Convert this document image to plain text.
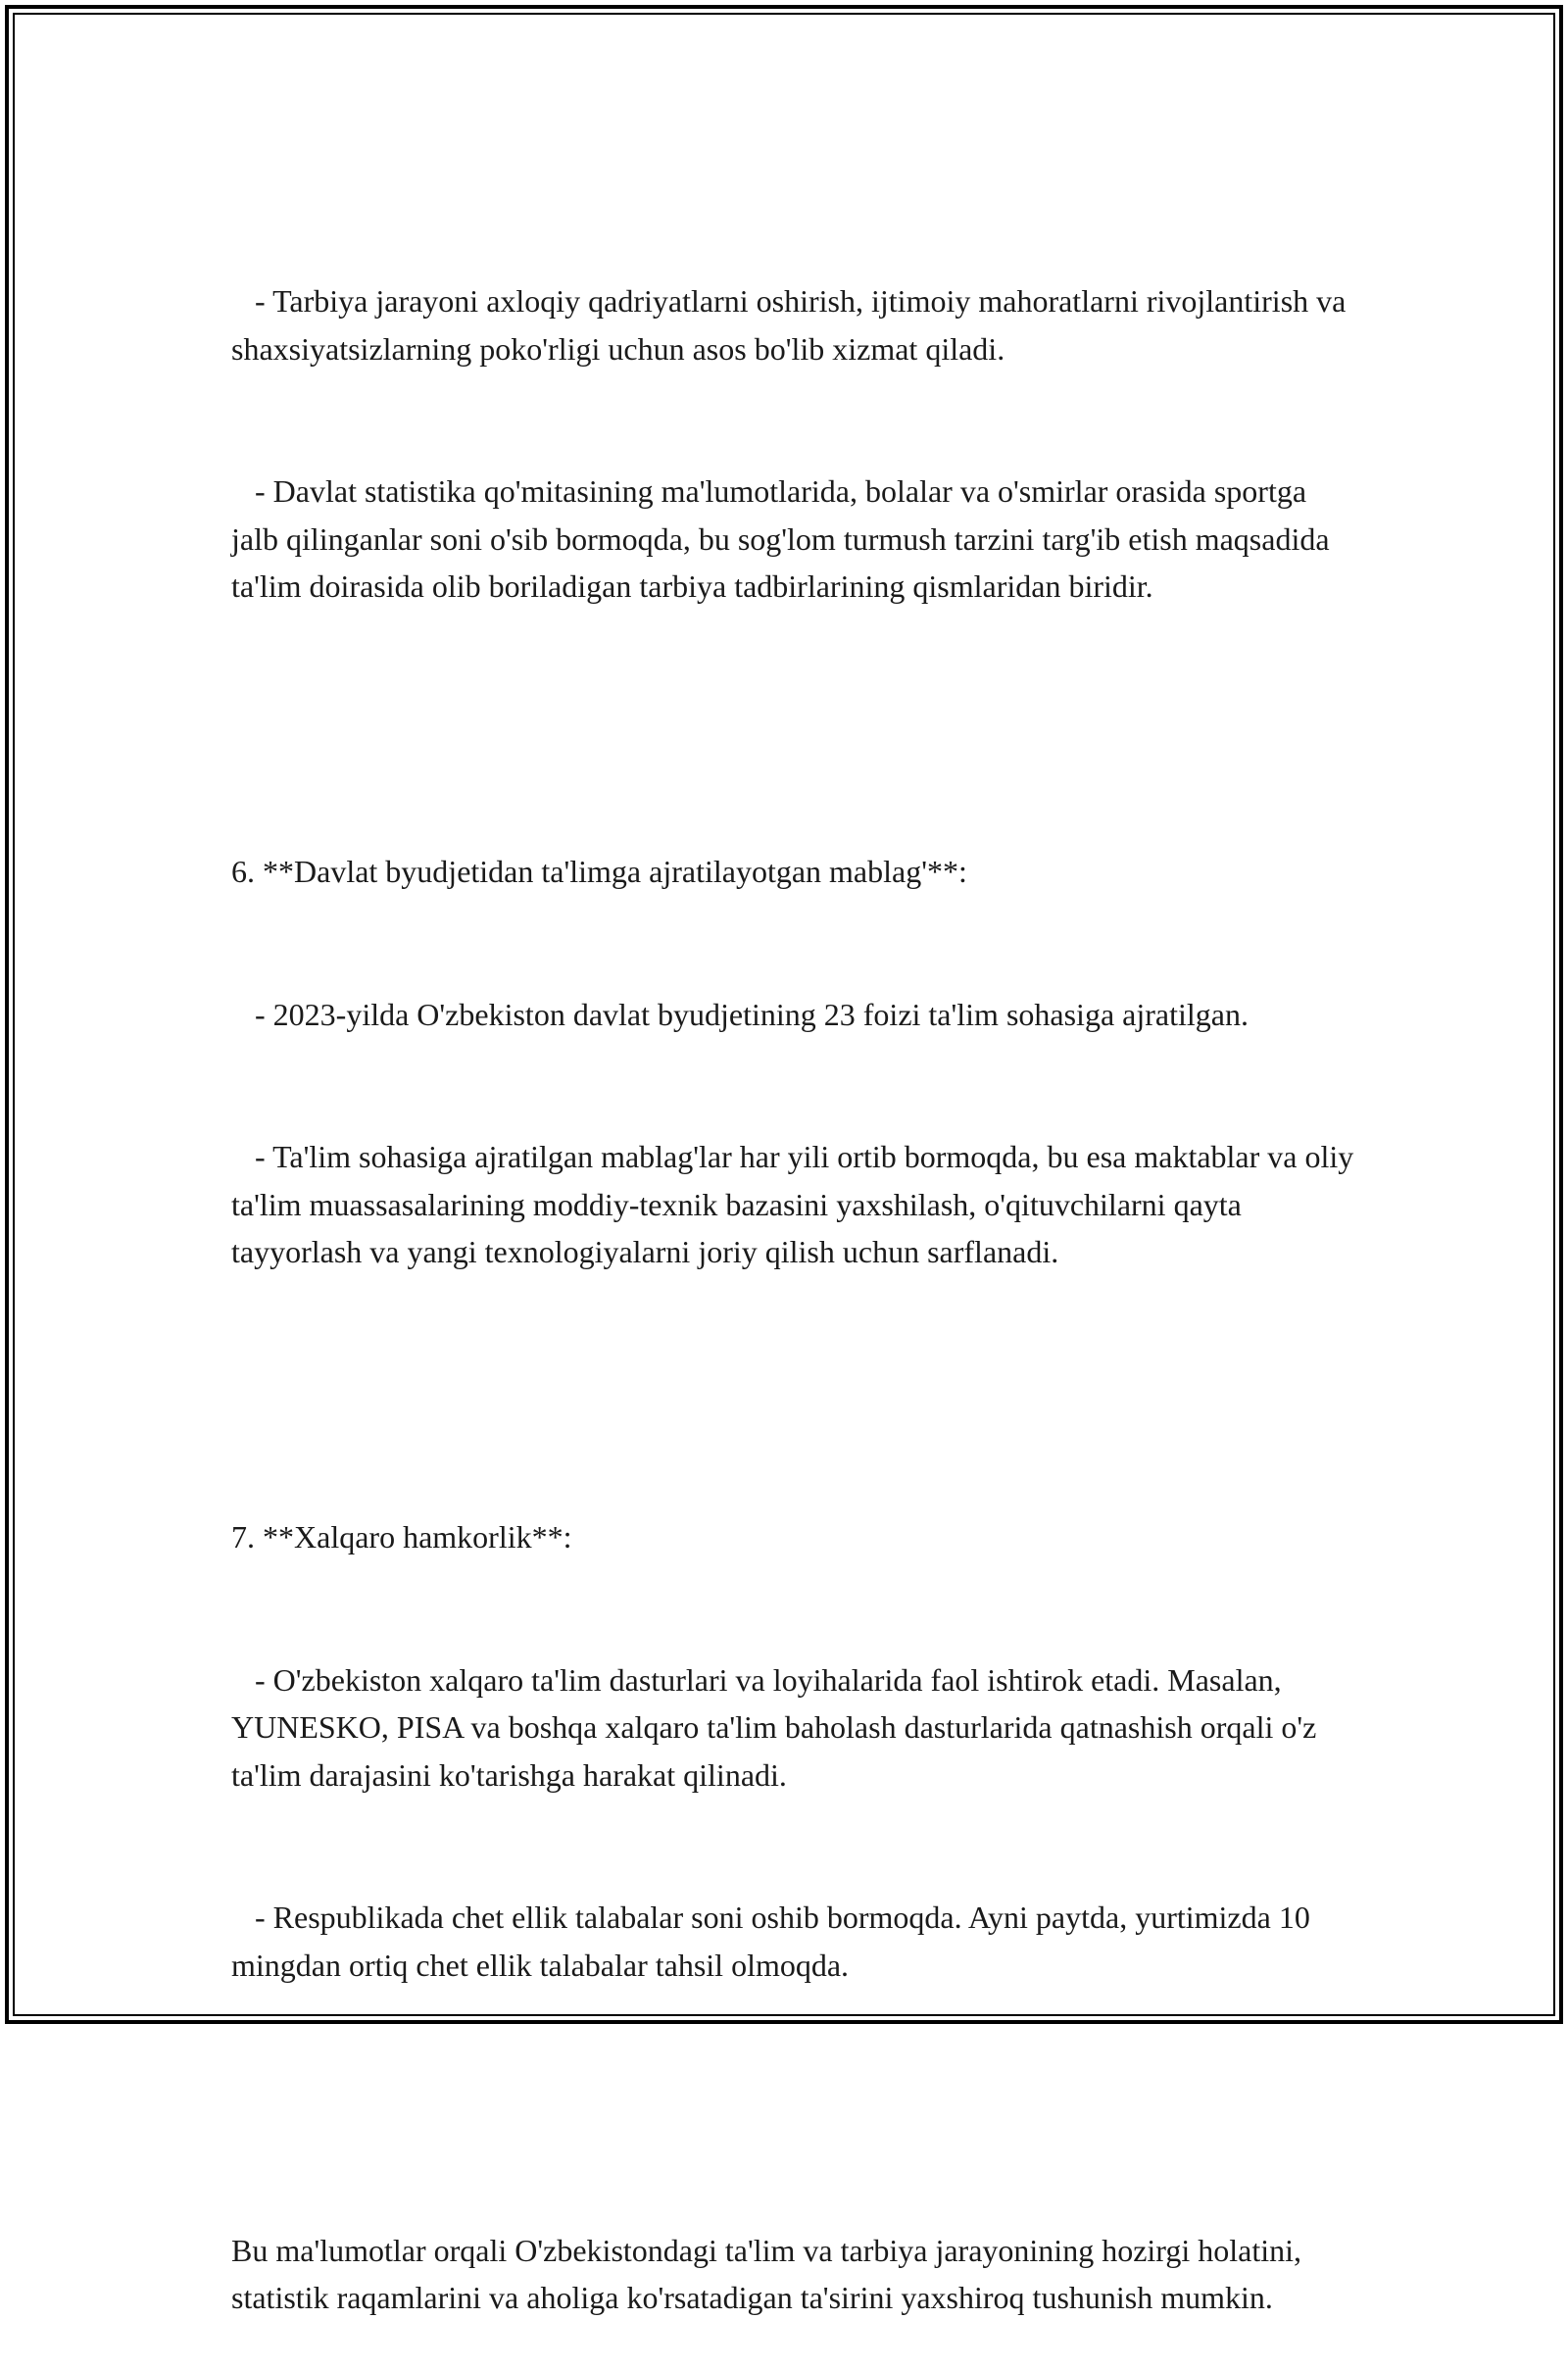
- Tarbiya jarayoni axloqiy qadriyatlarni oshirish, ijtimoiy mahoratlarni rivojlantirish va shaxsiyatsizlarning poko'rligi uchun asos bo'lib xizmat qiladi.

- Davlat statistika qo'mitasining ma'lumotlarida, bolalar va o'smirlar orasida sportga jalb qilinganlar soni o'sib bormoqda, bu sog'lom turmush tarzini targ'ib etish maqsadida ta'lim doirasida olib boriladigan tarbiya tadbirlarining qismlaridan biridir.

6. **Davlat byudjetidan ta'limga ajratilayotgan mablag'**:

- 2023-yilda O'zbekiston davlat byudjetining 23 foizi ta'lim sohasiga ajratilgan.

- Ta'lim sohasiga ajratilgan mablag'lar har yili ortib bormoqda, bu esa maktablar va oliy ta'lim muassasalarining moddiy-texnik bazasini yaxshilash, o'qituvchilarni qayta tayyorlash va yangi texnologiyalarni joriy qilish uchun sarflanadi.

7. **Xalqaro hamkorlik**:

- O'zbekiston xalqaro ta'lim dasturlari va loyihalarida faol ishtirok etadi. Masalan, YUNESKO, PISA va boshqa xalqaro ta'lim baholash dasturlarida qatnashish orqali o'z ta'lim darajasini ko'tarishga harakat qilinadi.

- Respublikada chet ellik talabalar soni oshib bormoqda. Ayni paytda, yurtimizda 10 mingdan ortiq chet ellik talabalar tahsil olmoqda.

Bu ma'lumotlar orqali O'zbekistondagi ta'lim va tarbiya jarayonining hozirgi holatini, statistik raqamlarini va aholiga ko'rsatadigan ta'sirini yaxshiroq tushunish mumkin.
